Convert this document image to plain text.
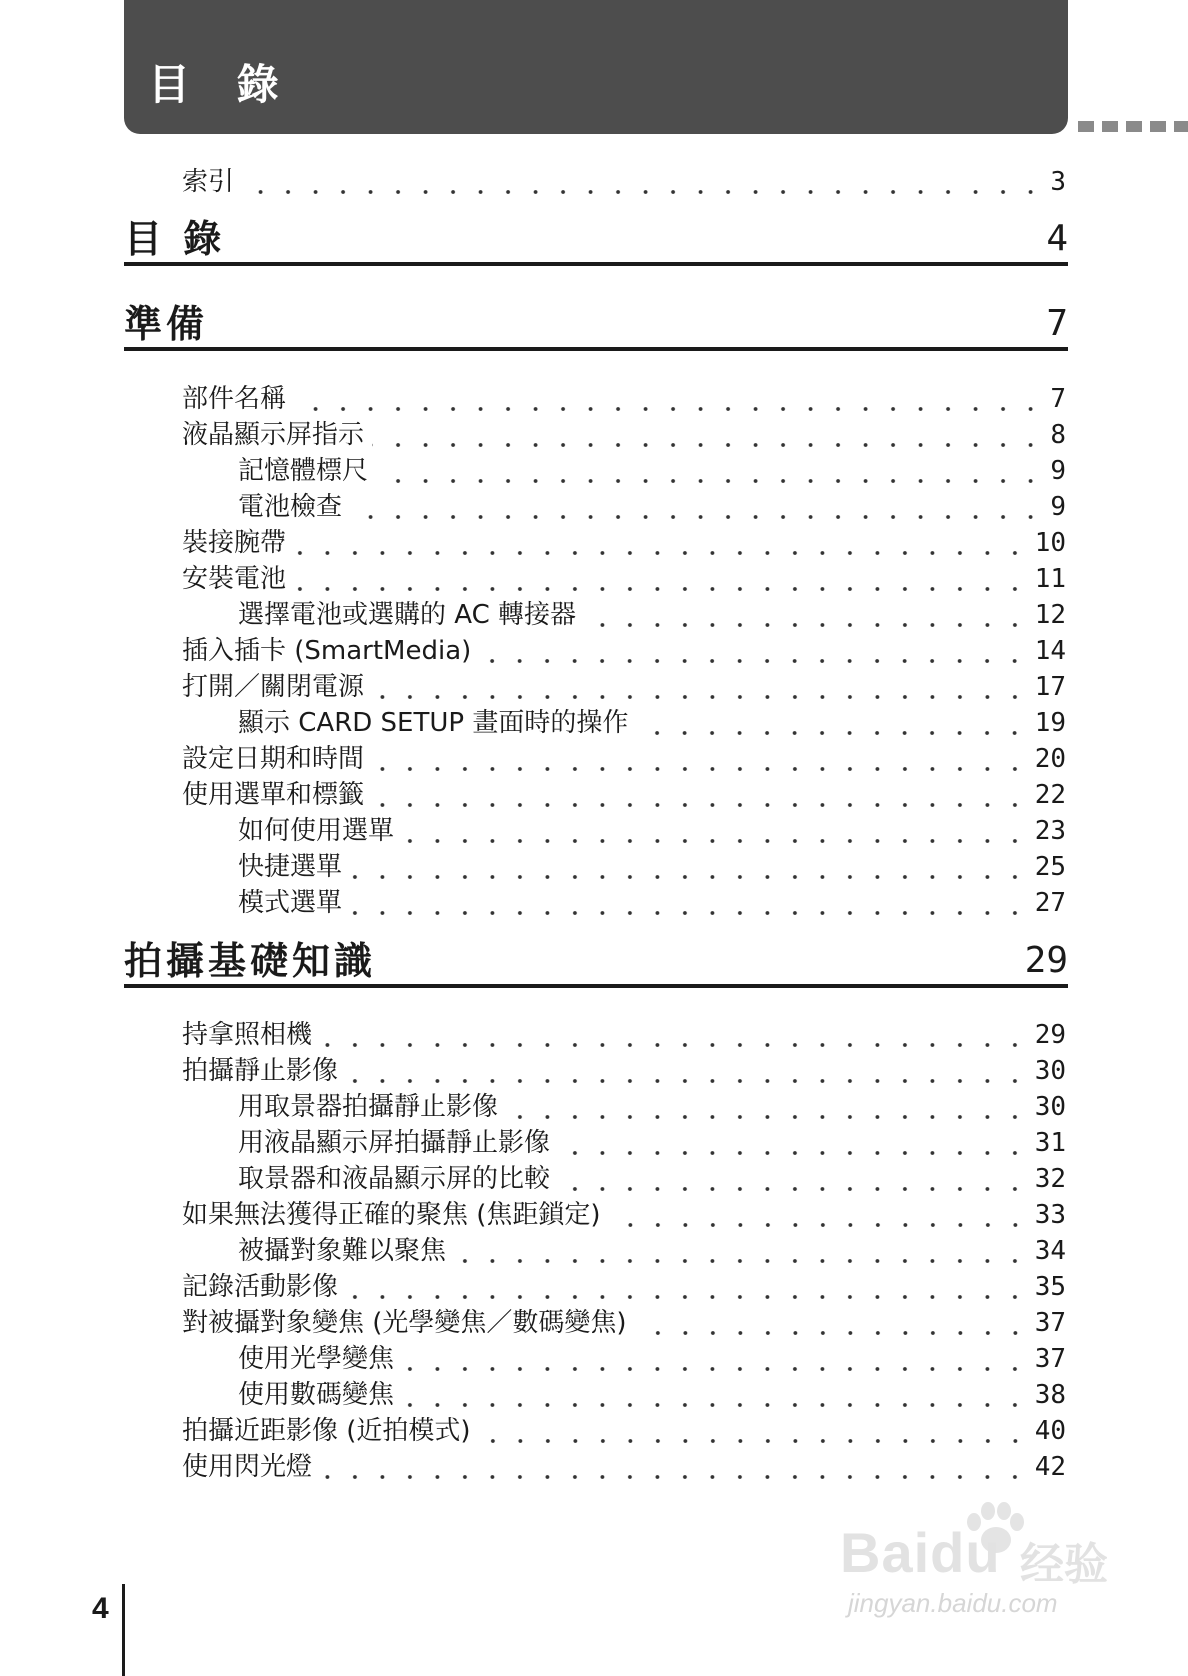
目 錄
索引	3
目 錄	4
準備	7
部件名稱	7
液晶顯示屏指示	8
記憶體標尺	9
電池檢查	9
裝接腕帶	10
安裝電池	11
選擇電池或選購的 AC 轉接器	12
插入插卡 (SmartMedia)	14
打開／關閉電源	17
顯示 CARD SETUP 畫面時的操作	19
設定日期和時間	20
使用選單和標籤	22
如何使用選單	23
快捷選單	25
模式選單	27
拍攝基礎知識	29
持拿照相機	29
拍攝靜止影像	30
用取景器拍攝靜止影像	30
用液晶顯示屏拍攝靜止影像	31
取景器和液晶顯示屏的比較	32
如果無法獲得正確的聚焦 (焦距鎖定)	33
被攝對象難以聚焦	34
記錄活動影像	35
對被攝對象變焦 (光學變焦／數碼變焦)	37
使用光學變焦	37
使用數碼變焦	38
拍攝近距影像 (近拍模式)	40
使用閃光燈	42
4
Baidu 经验
jingyan.baidu.com
